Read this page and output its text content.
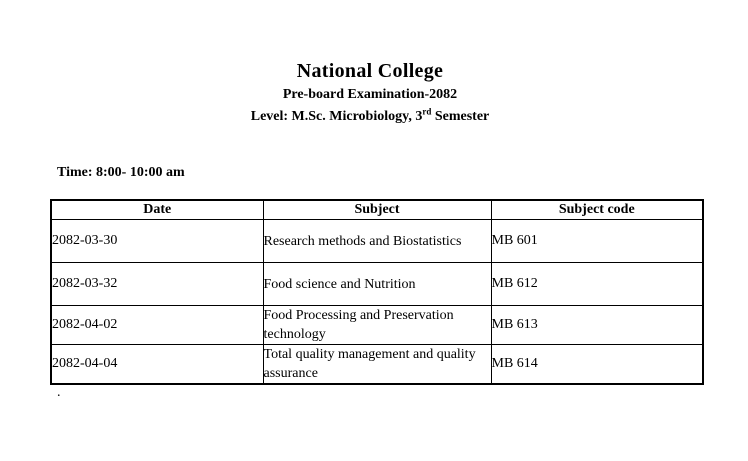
National College
Pre-board Examination-2082
Level: M.Sc. Microbiology, 3rd Semester
Time: 8:00- 10:00 am
Date	Subject	Subject code
2082-03-30	Research methods and Biostatistics	MB 601
2082-03-32	Food science and Nutrition	MB 612
2082-04-02	Food Processing and Preservation technology	MB 613
2082-04-04	Total quality management and quality assurance	MB 614
.
